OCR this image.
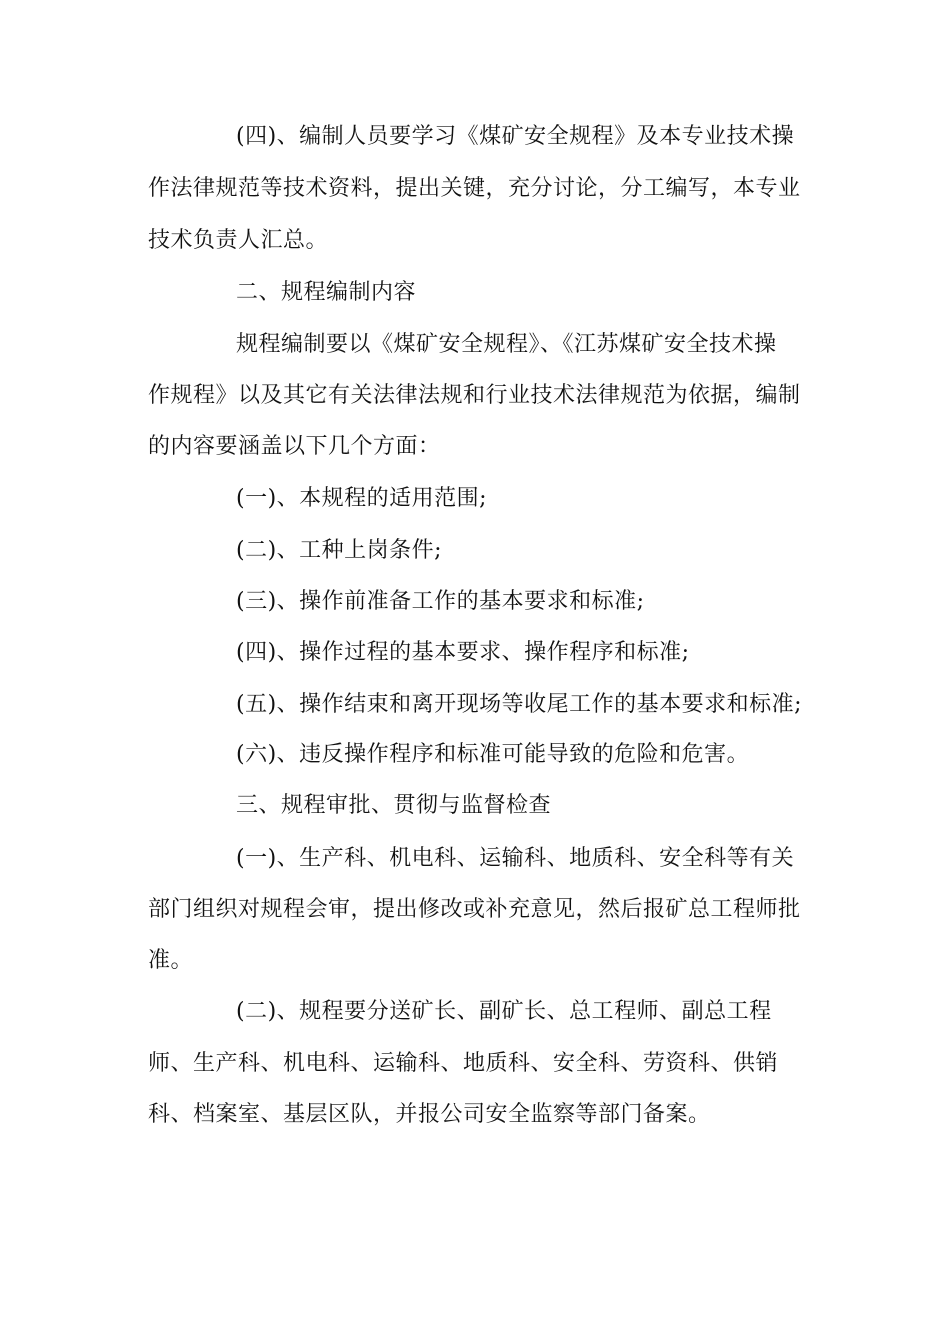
(四)、编制人员要学习《煤矿安全规程》及本专业技术操
作法律规范等技术资料，提出关键，充分讨论，分工编写，本专业
技术负责人汇总。
二、规程编制内容
规程编制要以《煤矿安全规程》、《江苏煤矿安全技术操
作规程》以及其它有关法律法规和行业技术法律规范为依据，编制
的内容要涵盖以下几个方面：
(一)、本规程的适用范围;
(二)、工种上岗条件;
(三)、操作前准备工作的基本要求和标准;
(四)、操作过程的基本要求、操作程序和标准;
(五)、操作结束和离开现场等收尾工作的基本要求和标准;
(六)、违反操作程序和标准可能导致的危险和危害。
三、规程审批、贯彻与监督检查
(一)、生产科、机电科、运输科、地质科、安全科等有关
部门组织对规程会审，提出修改或补充意见，然后报矿总工程师批
准。
(二)、规程要分送矿长、副矿长、总工程师、副总工程
师、生产科、机电科、运输科、地质科、安全科、劳资科、供销
科、档案室、基层区队，并报公司安全监察等部门备案。
